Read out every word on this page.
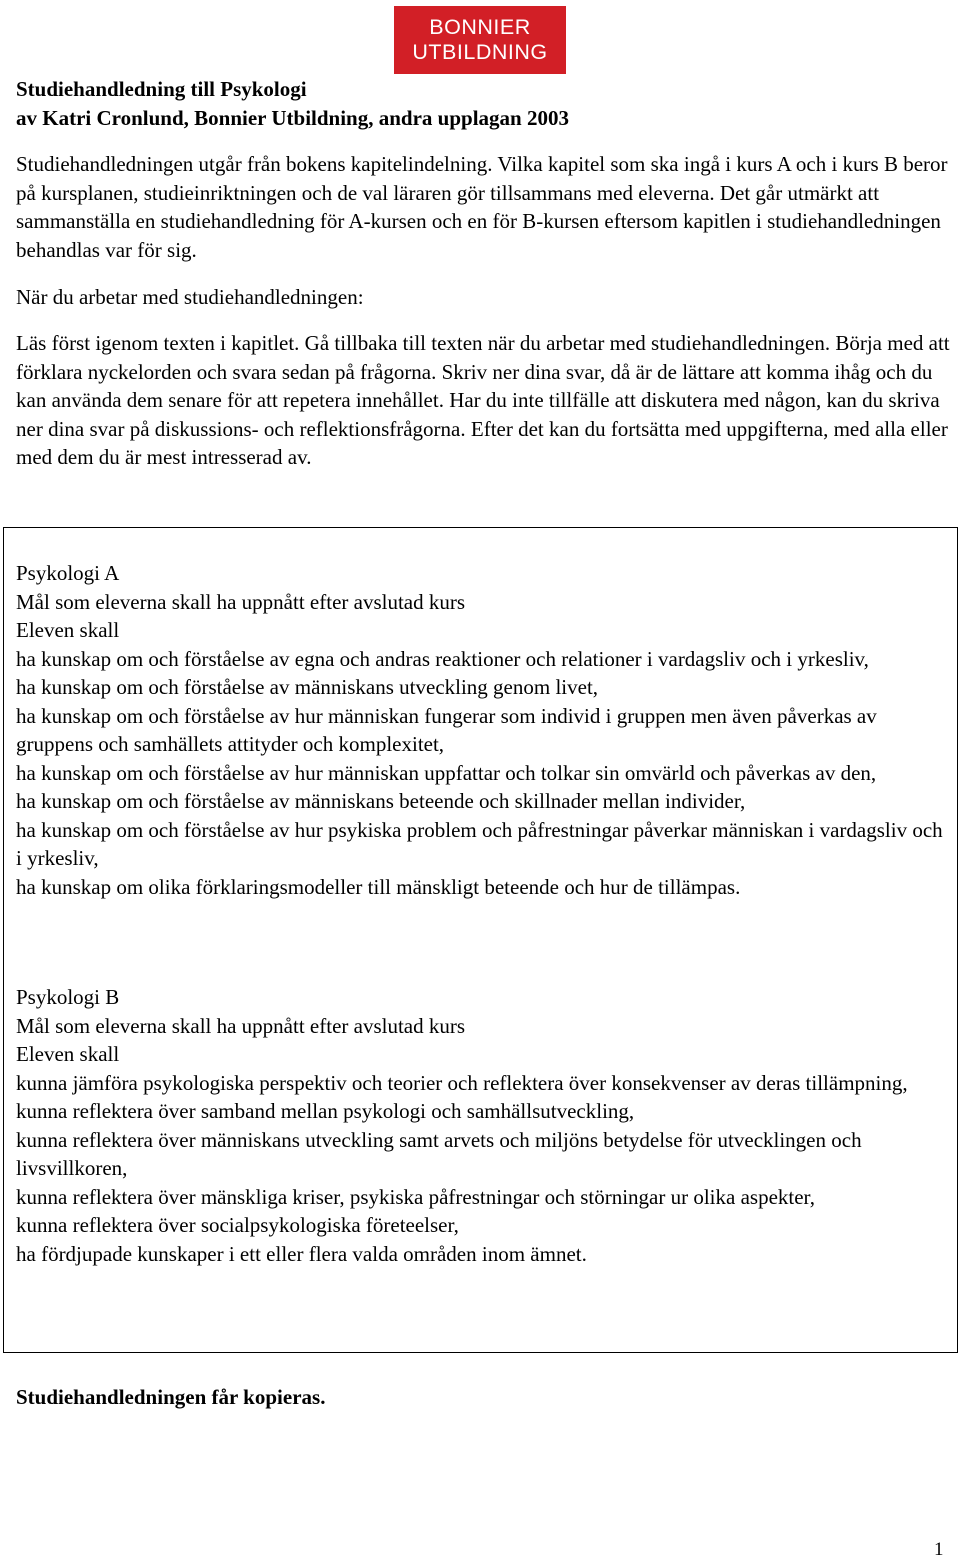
BONNIER
UTBILDNING
Studiehandledning till Psykologi
av Katri Cronlund, Bonnier Utbildning, andra upplagan 2003

Studiehandledningen utgår från bokens kapitelindelning. Vilka kapitel som ska ingå i kurs A och i kurs B beror på kursplanen, studieinriktningen och de val läraren gör tillsammans med eleverna. Det går utmärkt att sammanställa en studiehandledning för A-kursen och en för B-kursen eftersom kapitlen i studiehandledningen behandlas var för sig.

När du arbetar med studiehandledningen:
Läs först igenom texten i kapitlet. Gå tillbaka till texten när du arbetar med studiehandledningen. Börja med att förklara nyckelorden och svara sedan på frågorna. Skriv ner dina svar, då är de lättare att komma ihåg och du kan använda dem senare för att repetera innehållet. Har du inte tillfälle att diskutera med någon, kan du skriva ner dina svar på diskussions- och reflektionsfrågorna. Efter det kan du fortsätta med uppgifterna, med alla eller med dem du är mest intresserad av.
Psykologi A
Mål som eleverna skall ha uppnått efter avslutad kurs
Eleven skall
ha kunskap om och förståelse av egna och andras reaktioner och relationer i vardagsliv och i yrkesliv,
ha kunskap om och förståelse av människans utveckling genom livet,
ha kunskap om och förståelse av hur människan fungerar som individ i gruppen men även påverkas av gruppens och samhällets attityder och komplexitet,
ha kunskap om och förståelse av hur människan uppfattar och tolkar sin omvärld och påverkas av den,
ha kunskap om och förståelse av människans beteende och skillnader mellan individer,
ha kunskap om och förståelse av hur psykiska problem och påfrestningar påverkar människan i vardagsliv och i yrkesliv,
ha kunskap om olika förklaringsmodeller till mänskligt beteende och hur de tillämpas.
Psykologi B
Mål som eleverna skall ha uppnått efter avslutad kurs
Eleven skall
kunna jämföra psykologiska perspektiv och teorier och reflektera över konsekvenser av deras tillämpning,
kunna reflektera över samband mellan psykologi och samhällsutveckling,
kunna reflektera över människans utveckling samt arvets och miljöns betydelse för utvecklingen och livsvillkoren,
kunna reflektera över mänskliga kriser, psykiska påfrestningar och störningar ur olika aspekter,
kunna reflektera över socialpsykologiska företeelser,
ha fördjupade kunskaper i ett eller flera valda områden inom ämnet.
Studiehandledningen får kopieras.
1
